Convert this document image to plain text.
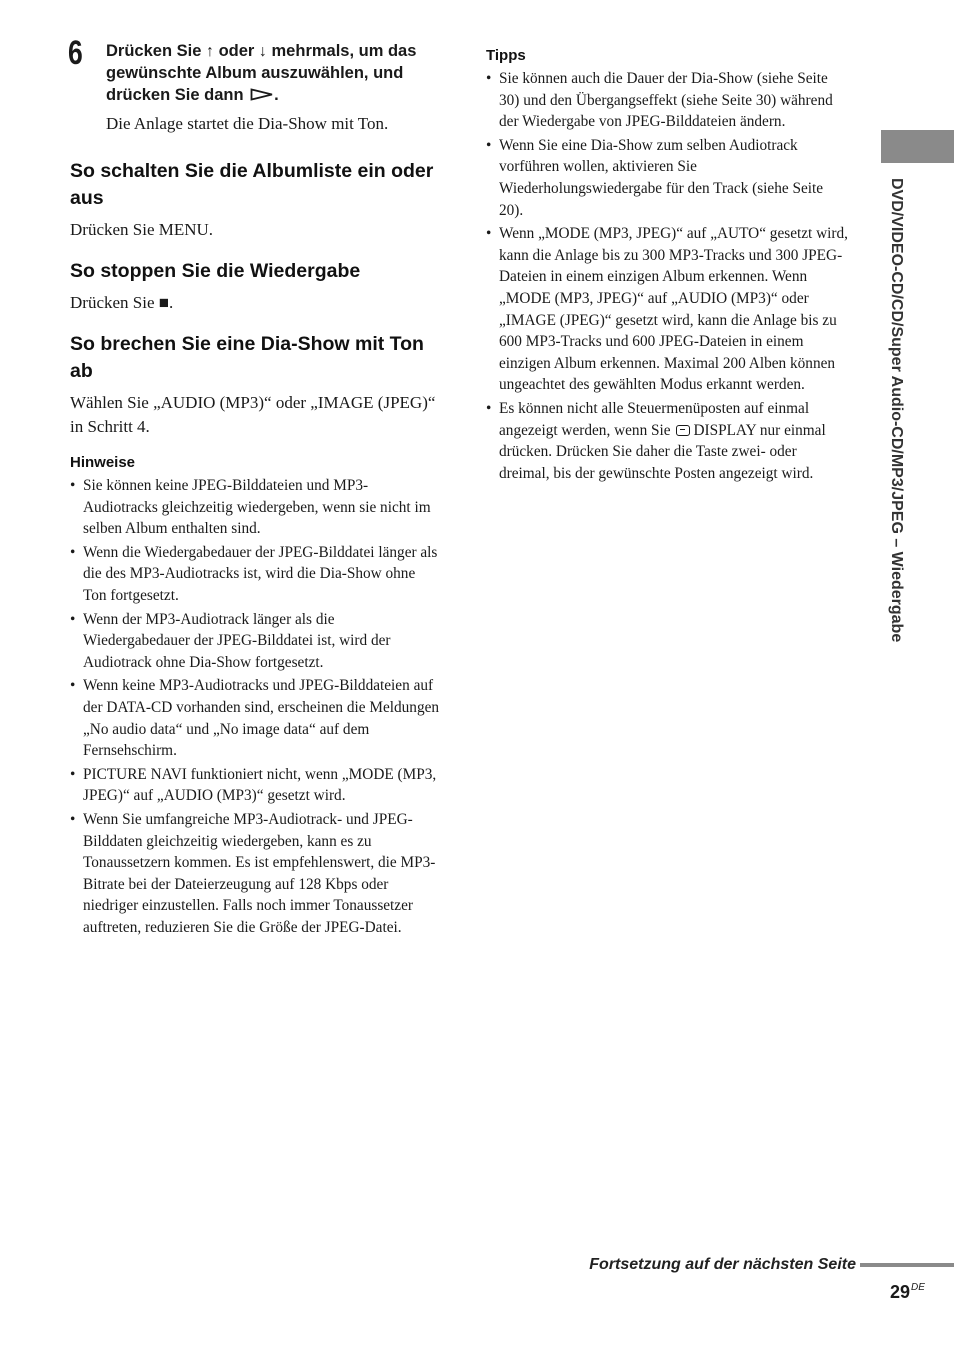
6 Drücken Sie ↑ oder ↓ mehrmals, um das gewünschte Album auszuwählen, und drücken Sie dann .
Die Anlage startet die Dia-Show mit Ton.
So schalten Sie die Albumliste ein oder aus
Drücken Sie MENU.
So stoppen Sie die Wiedergabe
Drücken Sie ■.
So brechen Sie eine Dia-Show mit Ton ab
Wählen Sie „AUDIO (MP3)“ oder „IMAGE (JPEG)“ in Schritt 4.
Hinweise
• Sie können keine JPEG-Bilddateien und MP3-Audiotracks gleichzeitig wiedergeben, wenn sie nicht im selben Album enthalten sind.
• Wenn die Wiedergabedauer der JPEG-Bilddatei länger als die des MP3-Audiotracks ist, wird die Dia-Show ohne Ton fortgesetzt.
• Wenn der MP3-Audiotrack länger als die Wiedergabedauer der JPEG-Bilddatei ist, wird der Audiotrack ohne Dia-Show fortgesetzt.
• Wenn keine MP3-Audiotracks und JPEG-Bilddateien auf der DATA-CD vorhanden sind, erscheinen die Meldungen „No audio data“ und „No image data“ auf dem Fernsehschirm.
• PICTURE NAVI funktioniert nicht, wenn „MODE (MP3, JPEG)“ auf „AUDIO (MP3)“ gesetzt wird.
• Wenn Sie umfangreiche MP3-Audiotrack- und JPEG-Bilddaten gleichzeitig wiedergeben, kann es zu Tonaussetzern kommen. Es ist empfehlenswert, die MP3-Bitrate bei der Dateierzeugung auf 128 Kbps oder niedriger einzustellen. Falls noch immer Tonaussetzer auftreten, reduzieren Sie die Größe der JPEG-Datei.
Tipps
• Sie können auch die Dauer der Dia-Show (siehe Seite 30) und den Übergangseffekt (siehe Seite 30) während der Wiedergabe von JPEG-Bilddateien ändern.
• Wenn Sie eine Dia-Show zum selben Audiotrack vorführen wollen, aktivieren Sie Wiederholungswiedergabe für den Track (siehe Seite 20).
• Wenn „MODE (MP3, JPEG)“ auf „AUTO“ gesetzt wird, kann die Anlage bis zu 300 MP3-Tracks und 300 JPEG-Dateien in einem einzigen Album erkennen. Wenn „MODE (MP3, JPEG)“ auf „AUDIO (MP3)“ oder „IMAGE (JPEG)“ gesetzt wird, kann die Anlage bis zu 600 MP3-Tracks und 600 JPEG-Dateien in einem einzigen Album erkennen. Maximal 200 Alben können ungeachtet des gewählten Modus erkannt werden.
• Es können nicht alle Steuermenüposten auf einmal angezeigt werden, wenn Sie DISPLAY nur einmal drücken. Drücken Sie daher die Taste zwei- oder dreimal, bis der gewünschte Posten angezeigt wird.	DVD/VIDEO-CD/CD/Super Audio-CD/MP3/JPEG – Wiedergabe
Fortsetzung auf der nächsten Seite
29DE
